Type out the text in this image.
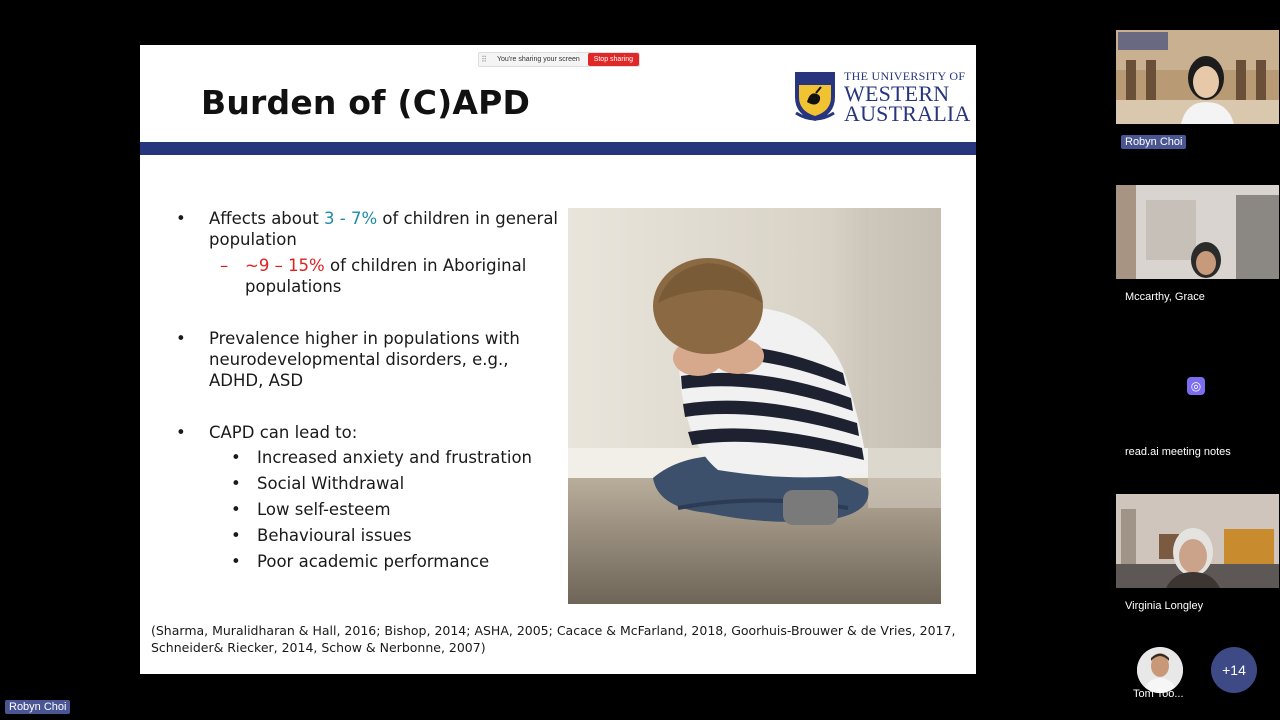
⠿	You're sharing your screen	Stop sharing
Burden of (C)APD
THE UNIVERSITY OF
WESTERN
AUSTRALIA
• Affects about 3 - 7% of children in general population
– ~9 – 15% of children in Aboriginal populations
• Prevalence higher in populations with neurodevelopmental disorders, e.g., ADHD, ASD
• CAPD can lead to:
• Increased anxiety and frustration
• Social Withdrawal
• Low self-esteem
• Behavioural issues
• Poor academic performance
(Sharma, Muralidharan & Hall, 2016; Bishop, 2014; ASHA, 2005; Cacace & McFarland, 2018, Goorhuis-Brouwer & de Vries, 2017, Schneider& Riecker, 2014, Schow & Nerbonne, 2007)
Robyn Choi
Mccarthy, Grace
◎
read.ai meeting notes
Virginia Longley
Tom Too...
+14
Robyn Choi
